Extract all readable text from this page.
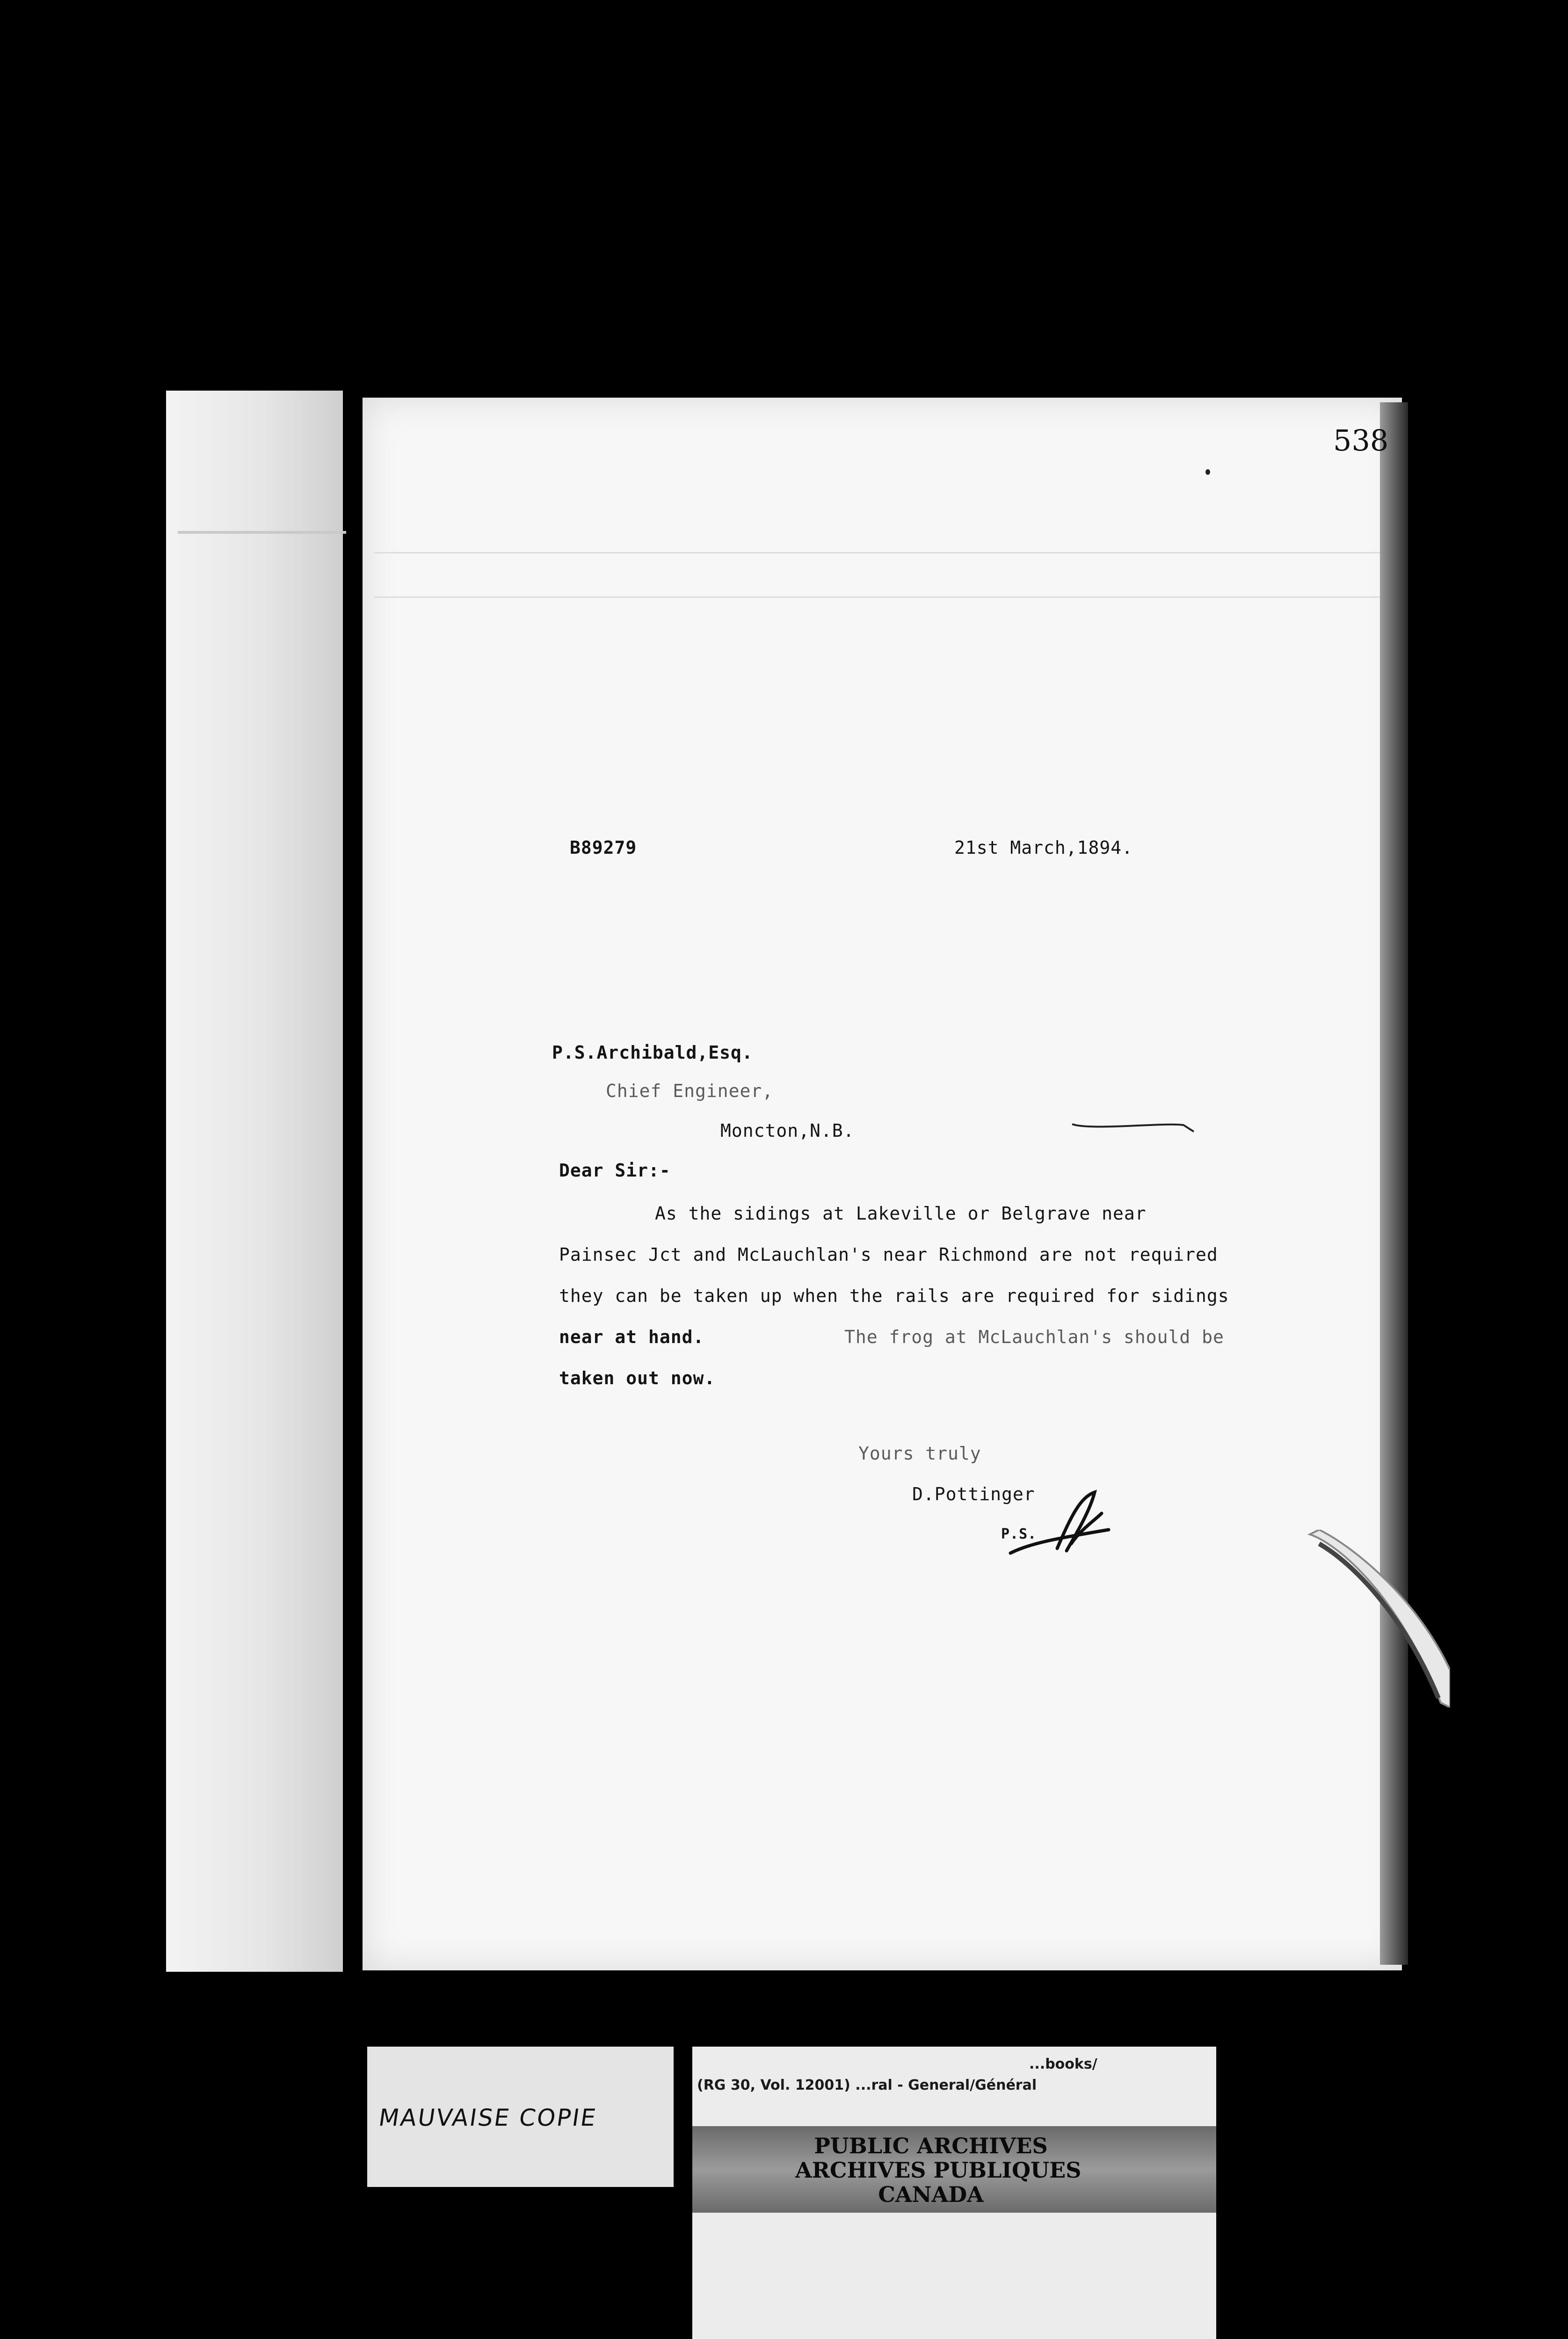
538
B89279	21st March,1894.
P.S.Archibald,Esq.
Chief Engineer,
Moncton,N.B.
Dear Sir:-
As the sidings at Lakeville or Belgrave near
Painsec Jct and McLauchlan's near Richmond are not required
they can be taken up when the rails are required for sidings
near at hand.	The frog at McLauchlan's should be
taken out now.
Yours truly
D.Pottinger
P.S.
MAUVAISE COPIE
...books/
(RG 30, Vol. 12001) ...ral - General/Général
PUBLIC ARCHIVES
ARCHIVES PUBLIQUES
CANADA
